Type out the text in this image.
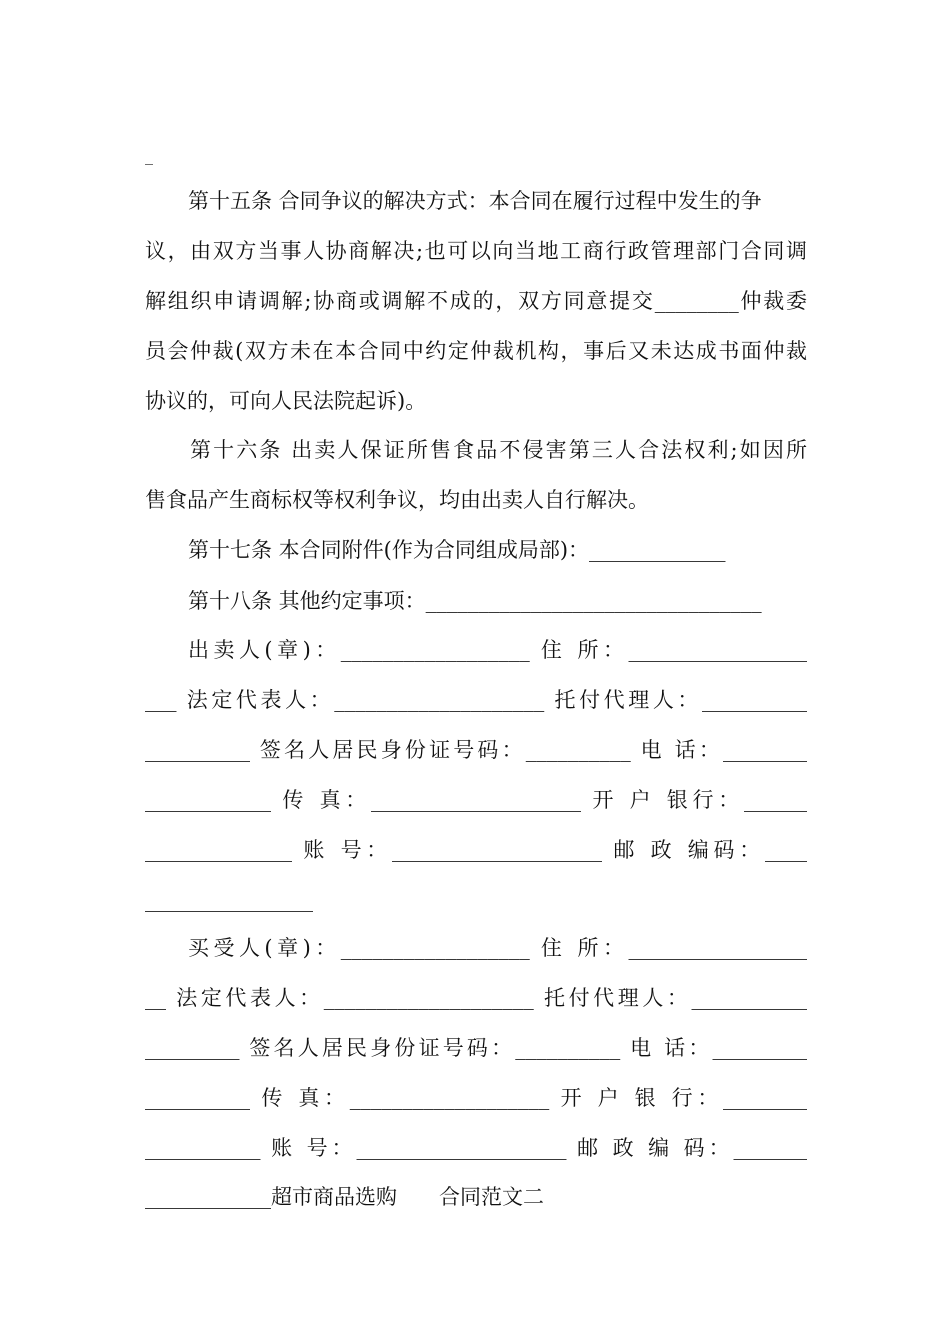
_
第十五条 合同争议的解决方式：本合同在履行过程中发生的争
议，由双方当事人协商解决;也可以向当地工商行政管理部门合同调
解组织申请调解;协商或调解不成的，双方同意提交________仲裁委
员会仲裁(双方未在本合同中约定仲裁机构，事后又未达成书面仲裁
协议的，可向人民法院起诉)。
第十六条 出卖人保证所售食品不侵害第三人合法权利;如因所
售食品产生商标权等权利争议，均由出卖人自行解决。
第十七条 本合同附件(作为合同组成局部)：_____________
第十八条 其他约定事项：________________________________
出卖人(章)：__________________ 住 所：_________________
___ 法定代表人：____________________ 托付代理人：__________
__________ 签名人居民身份证号码：__________ 电 话：________
____________ 传 真：____________________ 开 户 银行：______
______________ 账 号：____________________ 邮 政 编码：____
________________
买受人(章)：__________________ 住 所：_________________
__ 法定代表人：____________________ 托付代理人：___________
_________ 签名人居民身份证号码：__________ 电 话：_________
__________ 传 真：___________________ 开 户 银 行：________
___________ 账 号：____________________ 邮 政 编 码：_______
____________超市商品选购　　合同范文二
